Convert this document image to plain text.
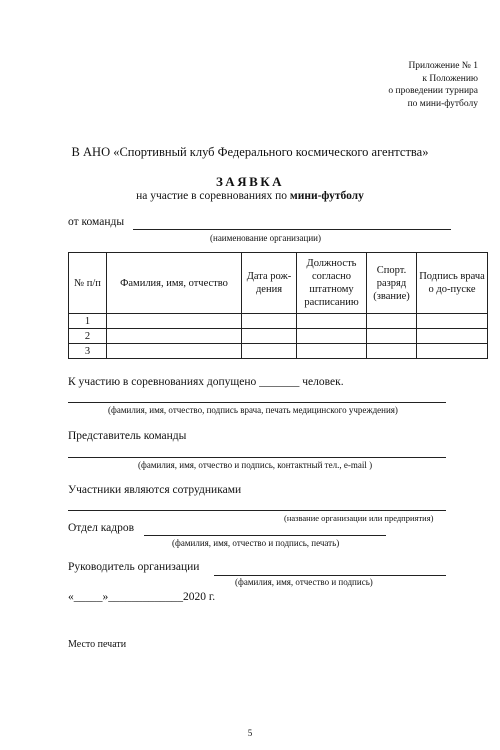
Приложение № 1
к Положению
о проведении турнира
по мини-футболу
В АНО «Спортивный клуб Федерального космического агентства»
ЗАЯВКА
на участие в соревнованиях по мини-футболу
от команды
(наименование организации)
№ п/п	Фамилия, имя, отчество	Дата рож-дения	Должность согласно штатному расписанию	Спорт. разряд (звание)	Подпись врача о до-пуске
1					
2					
3					
К участию в соревнованиях допущено _______ человек.
(фамилия, имя, отчество, подпись врача, печать медицинского учреждения)
Представитель команды
(фамилия, имя, отчество и подпись, контактный тел., e-mail )
Участники являются сотрудниками
(название организации или предприятия)
Отдел кадров
(фамилия, имя, отчество и подпись, печать)
Руководитель организации
(фамилия, имя, отчество и подпись)
«_____»_____________2020 г.
Место печати
5
